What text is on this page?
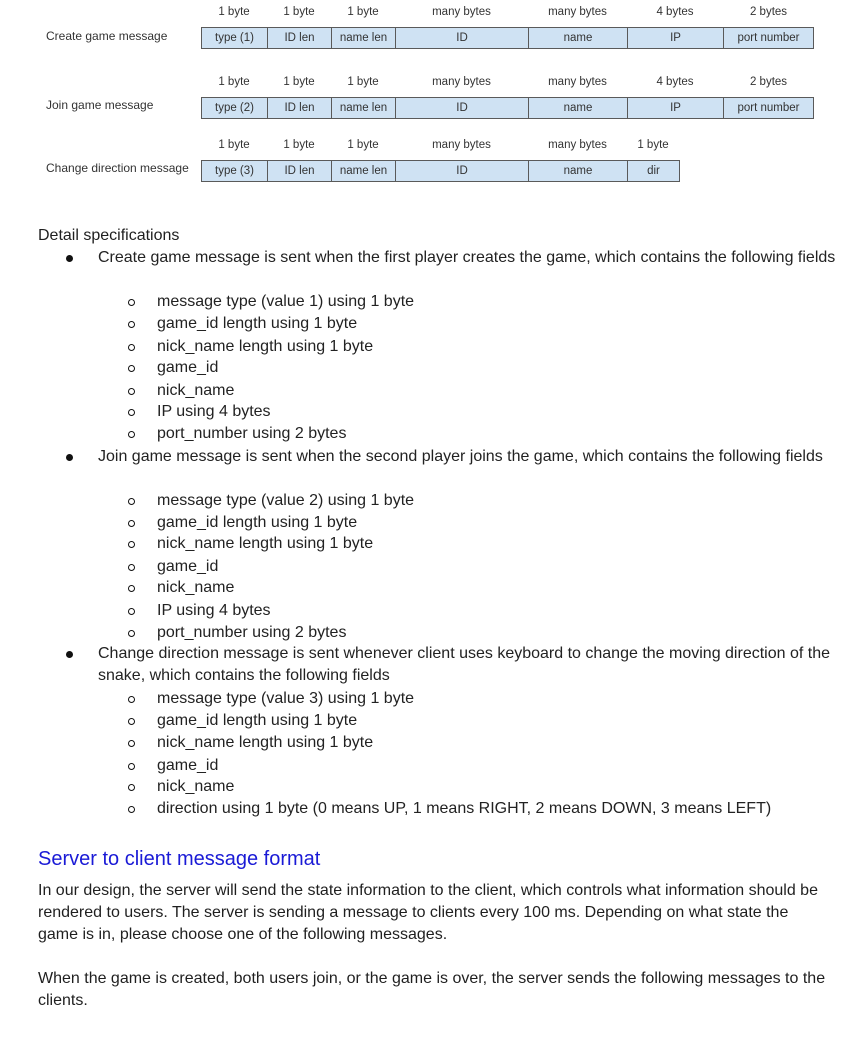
Create game message
1 byte	1 byte	1 byte	many bytes	many bytes	4 bytes	2 bytes
type (1)	ID len	name len	ID	name	IP	port number
Join game message
1 byte	1 byte	1 byte	many bytes	many bytes	4 bytes	2 bytes
type (2)	ID len	name len	ID	name	IP	port number
Change direction message
1 byte	1 byte	1 byte	many bytes	many bytes	1 byte
type (3)	ID len	name len	ID	name	dir
Detail specifications
Create game message is sent when the first player creates the game, which contains the following fields
message type (value 1) using 1 byte
game_id length using 1 byte
nick_name length using 1 byte
game_id
nick_name
IP using 4 bytes
port_number using 2 bytes
Join game message is sent when the second player joins the game, which contains the following fields
message type (value 2) using 1 byte
game_id length using 1 byte
nick_name length using 1 byte
game_id
nick_name
IP using 4 bytes
port_number using 2 bytes
Change direction message is sent whenever client uses keyboard to change the moving direction of the snake, which contains the following fields
message type (value 3) using 1 byte
game_id length using 1 byte
nick_name length using 1 byte
game_id
nick_name
direction using 1 byte (0 means UP, 1 means RIGHT, 2 means DOWN, 3 means LEFT)
Server to client message format
In our design, the server will send the state information to the client, which controls what information should be rendered to users. The server is sending a message to clients every 100 ms. Depending on what state the game is in, please choose one of the following messages.
When the game is created, both users join, or the game is over, the server sends the following messages to the clients.
